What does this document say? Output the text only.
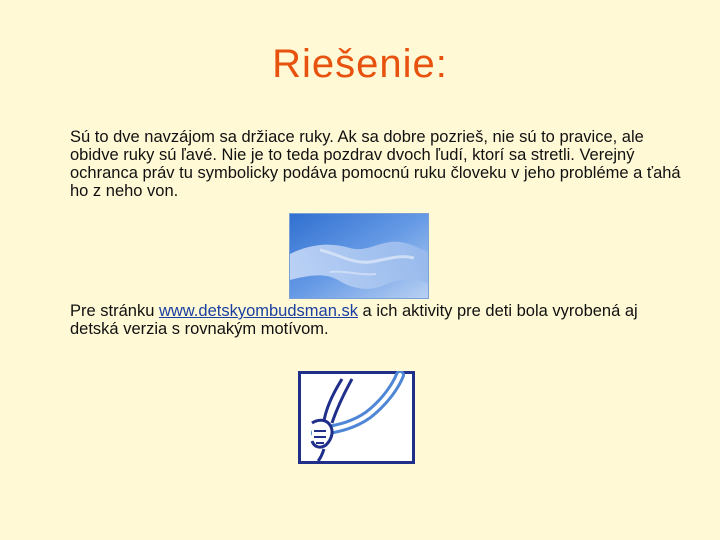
Riešenie:
Sú to dve navzájom sa držiace ruky. Ak sa dobre pozrieš, nie sú to pravice, ale obidve ruky sú ľavé. Nie je to teda pozdrav dvoch ľudí, ktorí sa stretli. Verejný ochranca práv tu symbolicky podáva pomocnú ruku človeku v jeho probléme a ťahá ho z neho von.
Pre stránku www.detskyombudsman.sk a ich aktivity pre deti bola vyrobená aj detská verzia s rovnakým motívom.
